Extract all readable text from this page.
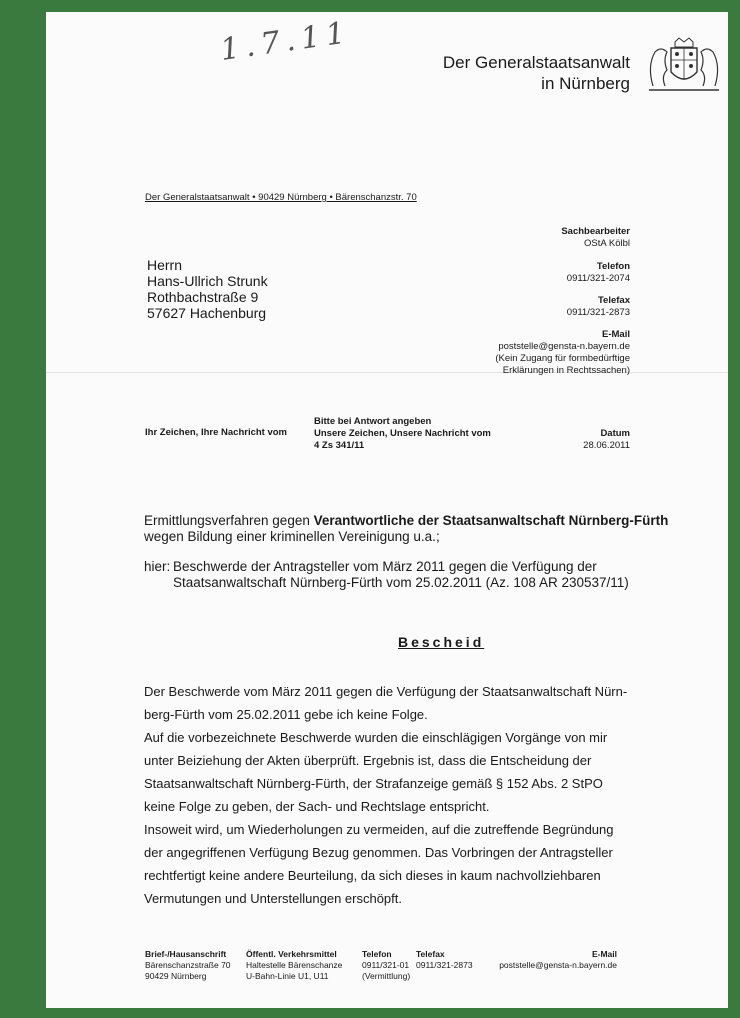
1.7.11	Der Generalstaatsanwalt
in Nürnberg
Der Generalstaatsanwalt • 90429 Nürnberg • Bärenschanzstr. 70
Herrn
Hans-Ullrich Strunk
Rothbachstraße 9
57627 Hachenburg
Sachbearbeiter
OStA Kölbl
Telefon
0911/321-2074
Telefax
0911/321-2873
E-Mail
poststelle@gensta-n.bayern.de
(Kein Zugang für formbedürftige
Erklärungen in Rechtssachen)
Ihr Zeichen, Ihre Nachricht vom
Bitte bei Antwort angeben
Unsere Zeichen, Unsere Nachricht vom
4 Zs 341/11
Datum
28.06.2011
Ermittlungsverfahren gegen Verantwortliche der Staatsanwaltschaft Nürnberg-Fürth
wegen Bildung einer kriminellen Vereinigung u.a.;
hier: Beschwerde der Antragsteller vom März 2011 gegen die Verfügung der
Staatsanwaltschaft Nürnberg-Fürth vom 25.02.2011 (Az. 108 AR 230537/11)
Bescheid
Der Beschwerde vom März 2011 gegen die Verfügung der Staatsanwaltschaft Nürn-
berg-Fürth vom 25.02.2011 gebe ich keine Folge.
Auf die vorbezeichnete Beschwerde wurden die einschlägigen Vorgänge von mir
unter Beiziehung der Akten überprüft. Ergebnis ist, dass die Entscheidung der
Staatsanwaltschaft Nürnberg-Fürth, der Strafanzeige gemäß § 152 Abs. 2 StPO
keine Folge zu geben, der Sach- und Rechtslage entspricht.
Insoweit wird, um Wiederholungen zu vermeiden, auf die zutreffende Begründung
der angegriffenen Verfügung Bezug genommen. Das Vorbringen der Antragsteller
rechtfertigt keine andere Beurteilung, da sich dieses in kaum nachvollziehbaren
Vermutungen und Unterstellungen erschöpft.
Brief-/Hausanschrift
Bärenschanzstraße 70
90429 Nürnberg
Öffentl. Verkehrsmittel
Haltestelle Bärenschanze
U-Bahn-Linie U1, U11
Telefon
0911/321-01
(Vermittlung)
Telefax
0911/321-2873
E-Mail
poststelle@gensta-n.bayern.de
